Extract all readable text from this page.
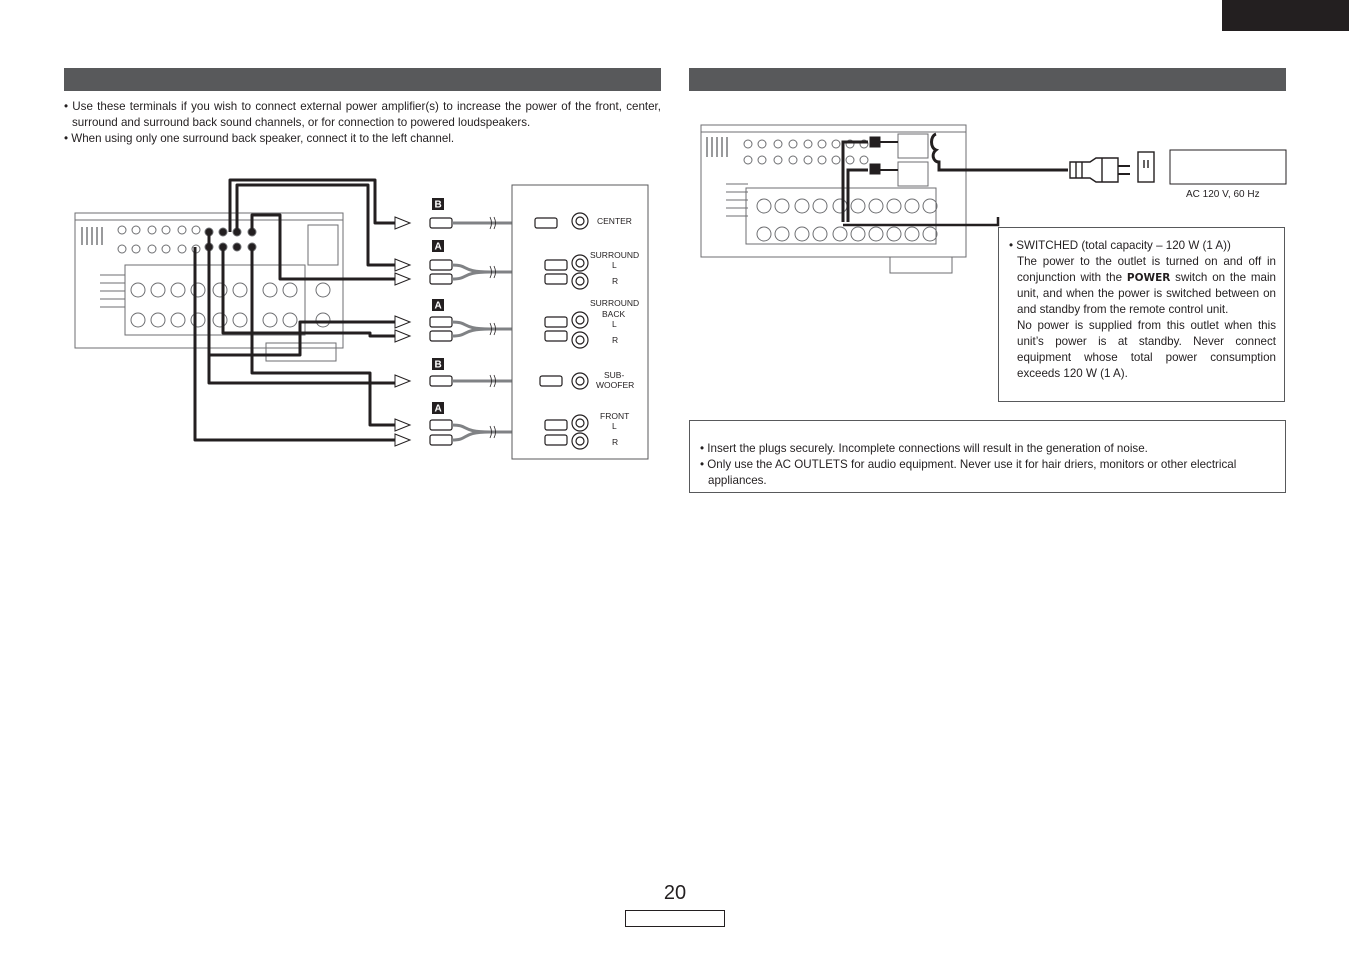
• Use these terminals if you wish to connect external power amplifier(s) to increase the power of the front, center, surround and surround back sound channels, or for connection to powered loudspeakers.

• When using only one surround back speaker, connect it to the left channel.

B
A
A
B
A
CENTER
SURROUND
L
R
SURROUND
BACK
L
R
SUB-
WOOFER
FRONT
L
R
AC 120 V, 60 Hz

• SWITCHED (total capacity – 120 W (1 A))

The power to the outlet is turned on and off in conjunction with the POWER switch on the main unit, and when the power is switched between on and standby from the remote control unit.

No power is supplied from this outlet when this unit’s power is at standby. Never connect equipment whose total power consumption exceeds 120 W (1 A).

• Insert the plugs securely. Incomplete connections will result in the generation of noise.

• Only use the AC OUTLETS for audio equipment. Never use it for hair driers, monitors or other electrical appliances.

20
